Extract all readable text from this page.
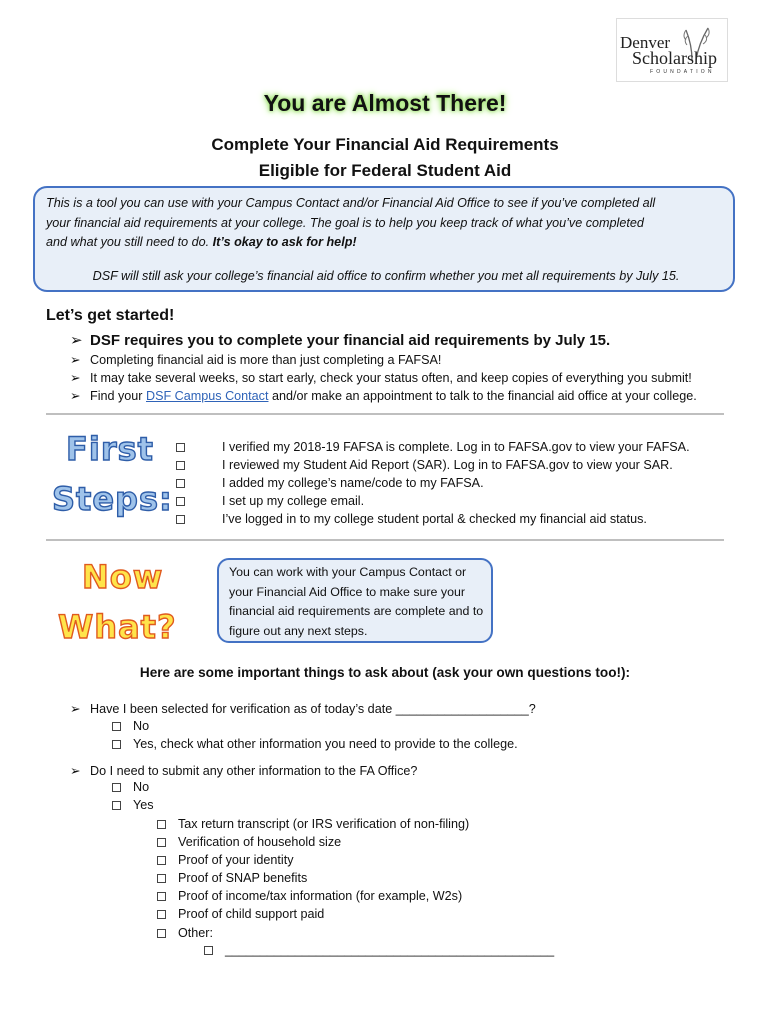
Denver
Scholarship
FOUNDATION
You are Almost There!
Complete Your Financial Aid Requirements
Eligible for Federal Student Aid
This is a tool you can use with your Campus Contact and/or Financial Aid Office to see if you’ve completed all
your financial aid requirements at your college. The goal is to help you keep track of what you’ve completed
and what you still need to do. It’s okay to ask for help!
DSF will still ask your college’s financial aid office to confirm whether you met all requirements by July 15.
Let’s get started!
➢ DSF requires you to complete your financial aid requirements by July 15.
➢ Completing financial aid is more than just completing a FAFSA!
➢ It may take several weeks, so start early, check your status often, and keep copies of everything you submit!
➢ Find your DSF Campus Contact and/or make an appointment to talk to the financial aid office at your college.
First
Steps:
I verified my 2018-19 FAFSA is complete. Log in to FAFSA.gov to view your FAFSA.
I reviewed my Student Aid Report (SAR). Log in to FAFSA.gov to view your SAR.
I added my college’s name/code to my FAFSA.
I set up my college email.
I’ve logged in to my college student portal & checked my financial aid status.
Now
What?
You can work with your Campus Contact or your Financial Aid Office to make sure your financial aid requirements are complete and to figure out any next steps.
Here are some important things to ask about (ask your own questions too!):
➢ Have I been selected for verification as of today’s date ___________________?
No
Yes, check what other information you need to provide to the college.
➢ Do I need to submit any other information to the FA Office?
No
Yes
Tax return transcript (or IRS verification of non-filing)
Verification of household size
Proof of your identity
Proof of SNAP benefits
Proof of income/tax information (for example, W2s)
Proof of child support paid
Other:
_______________________________________________
